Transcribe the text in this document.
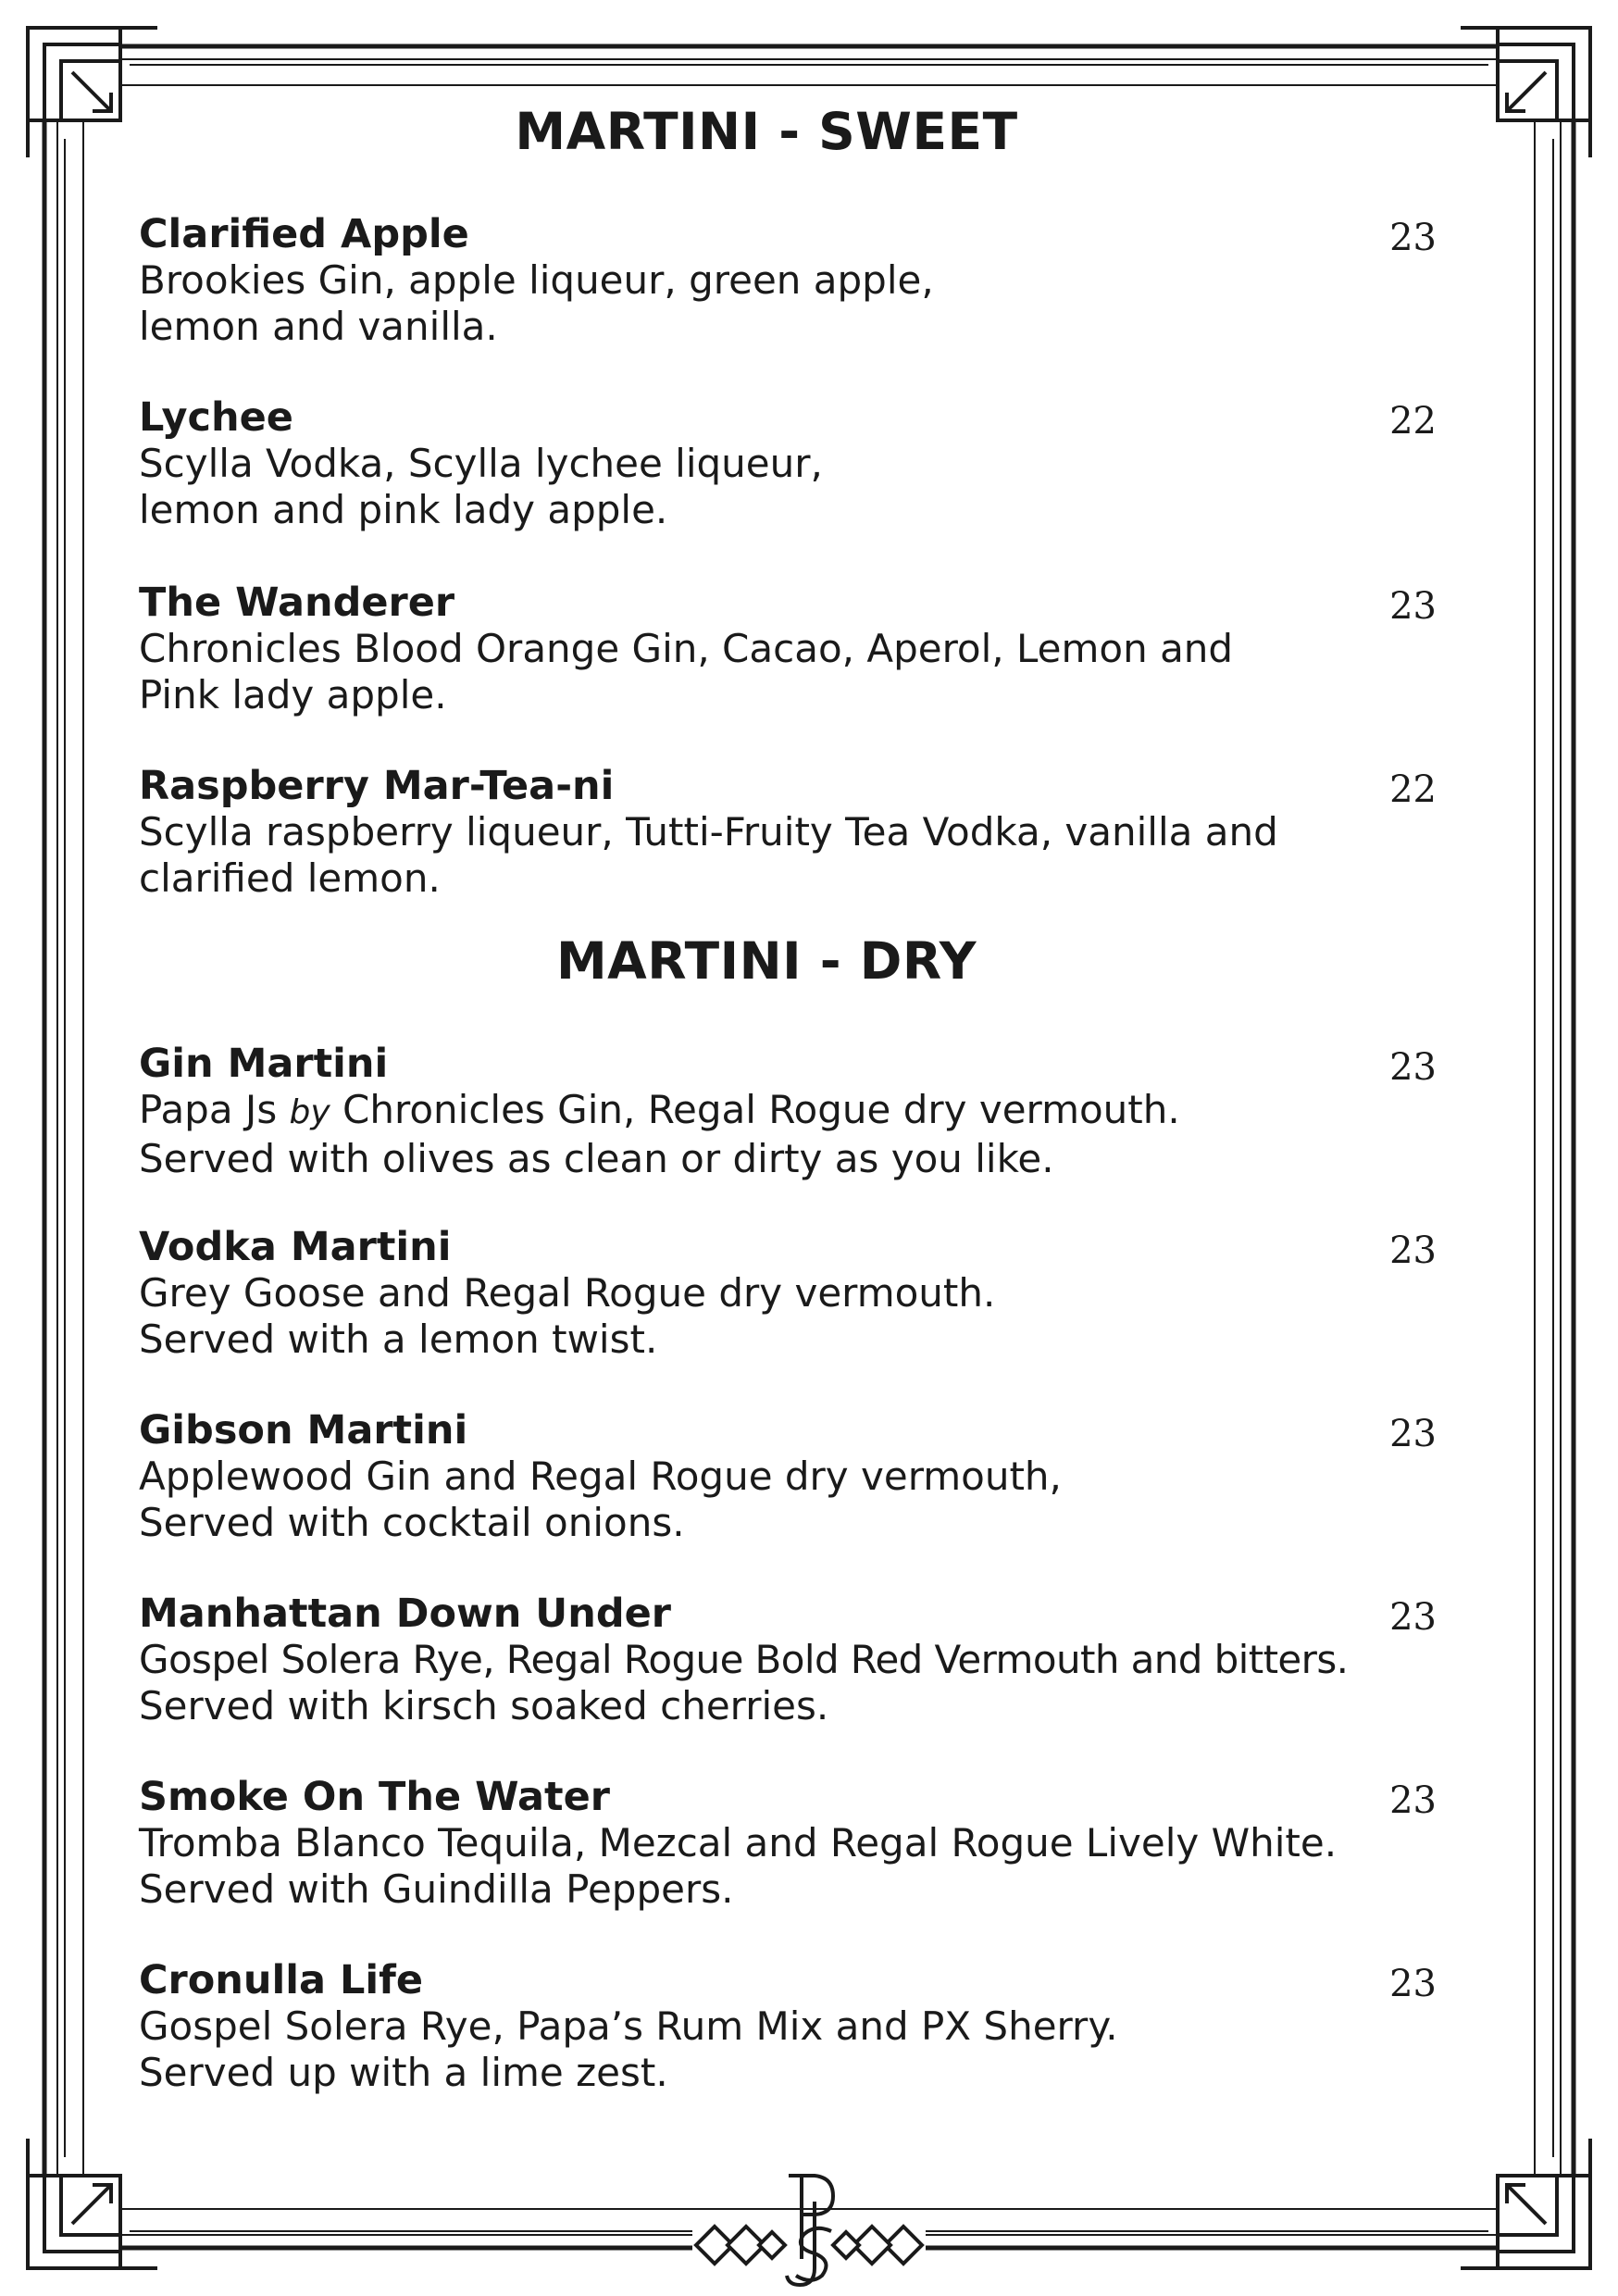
MARTINI - SWEET
Clarified Apple
Brookies Gin, apple liqueur, green apple,
lemon and vanilla.
23
Lychee
Scylla Vodka, Scylla lychee liqueur,
lemon and pink lady apple.
22
The Wanderer
Chronicles Blood Orange Gin, Cacao, Aperol, Lemon and
Pink lady apple.
23
Raspberry Mar-Tea-ni
Scylla raspberry liqueur, Tutti-Fruity Tea Vodka, vanilla and
clarified lemon.
22
MARTINI - DRY
Gin Martini
Papa Js by Chronicles Gin, Regal Rogue dry vermouth.
Served with olives as clean or dirty as you like.
23
Vodka Martini
Grey Goose and Regal Rogue dry vermouth.
Served with a lemon twist.
23
Gibson Martini
Applewood Gin and Regal Rogue dry vermouth,
Served with cocktail onions.
23
Manhattan Down Under
Gospel Solera Rye, Regal Rogue Bold Red Vermouth and bitters.
Served with kirsch soaked cherries.
23
Smoke On The Water
Tromba Blanco Tequila, Mezcal and Regal Rogue Lively White.
Served with Guindilla Peppers.
23
Cronulla Life
Gospel Solera Rye, Papa’s Rum Mix and PX Sherry.
Served up with a lime zest.
23
